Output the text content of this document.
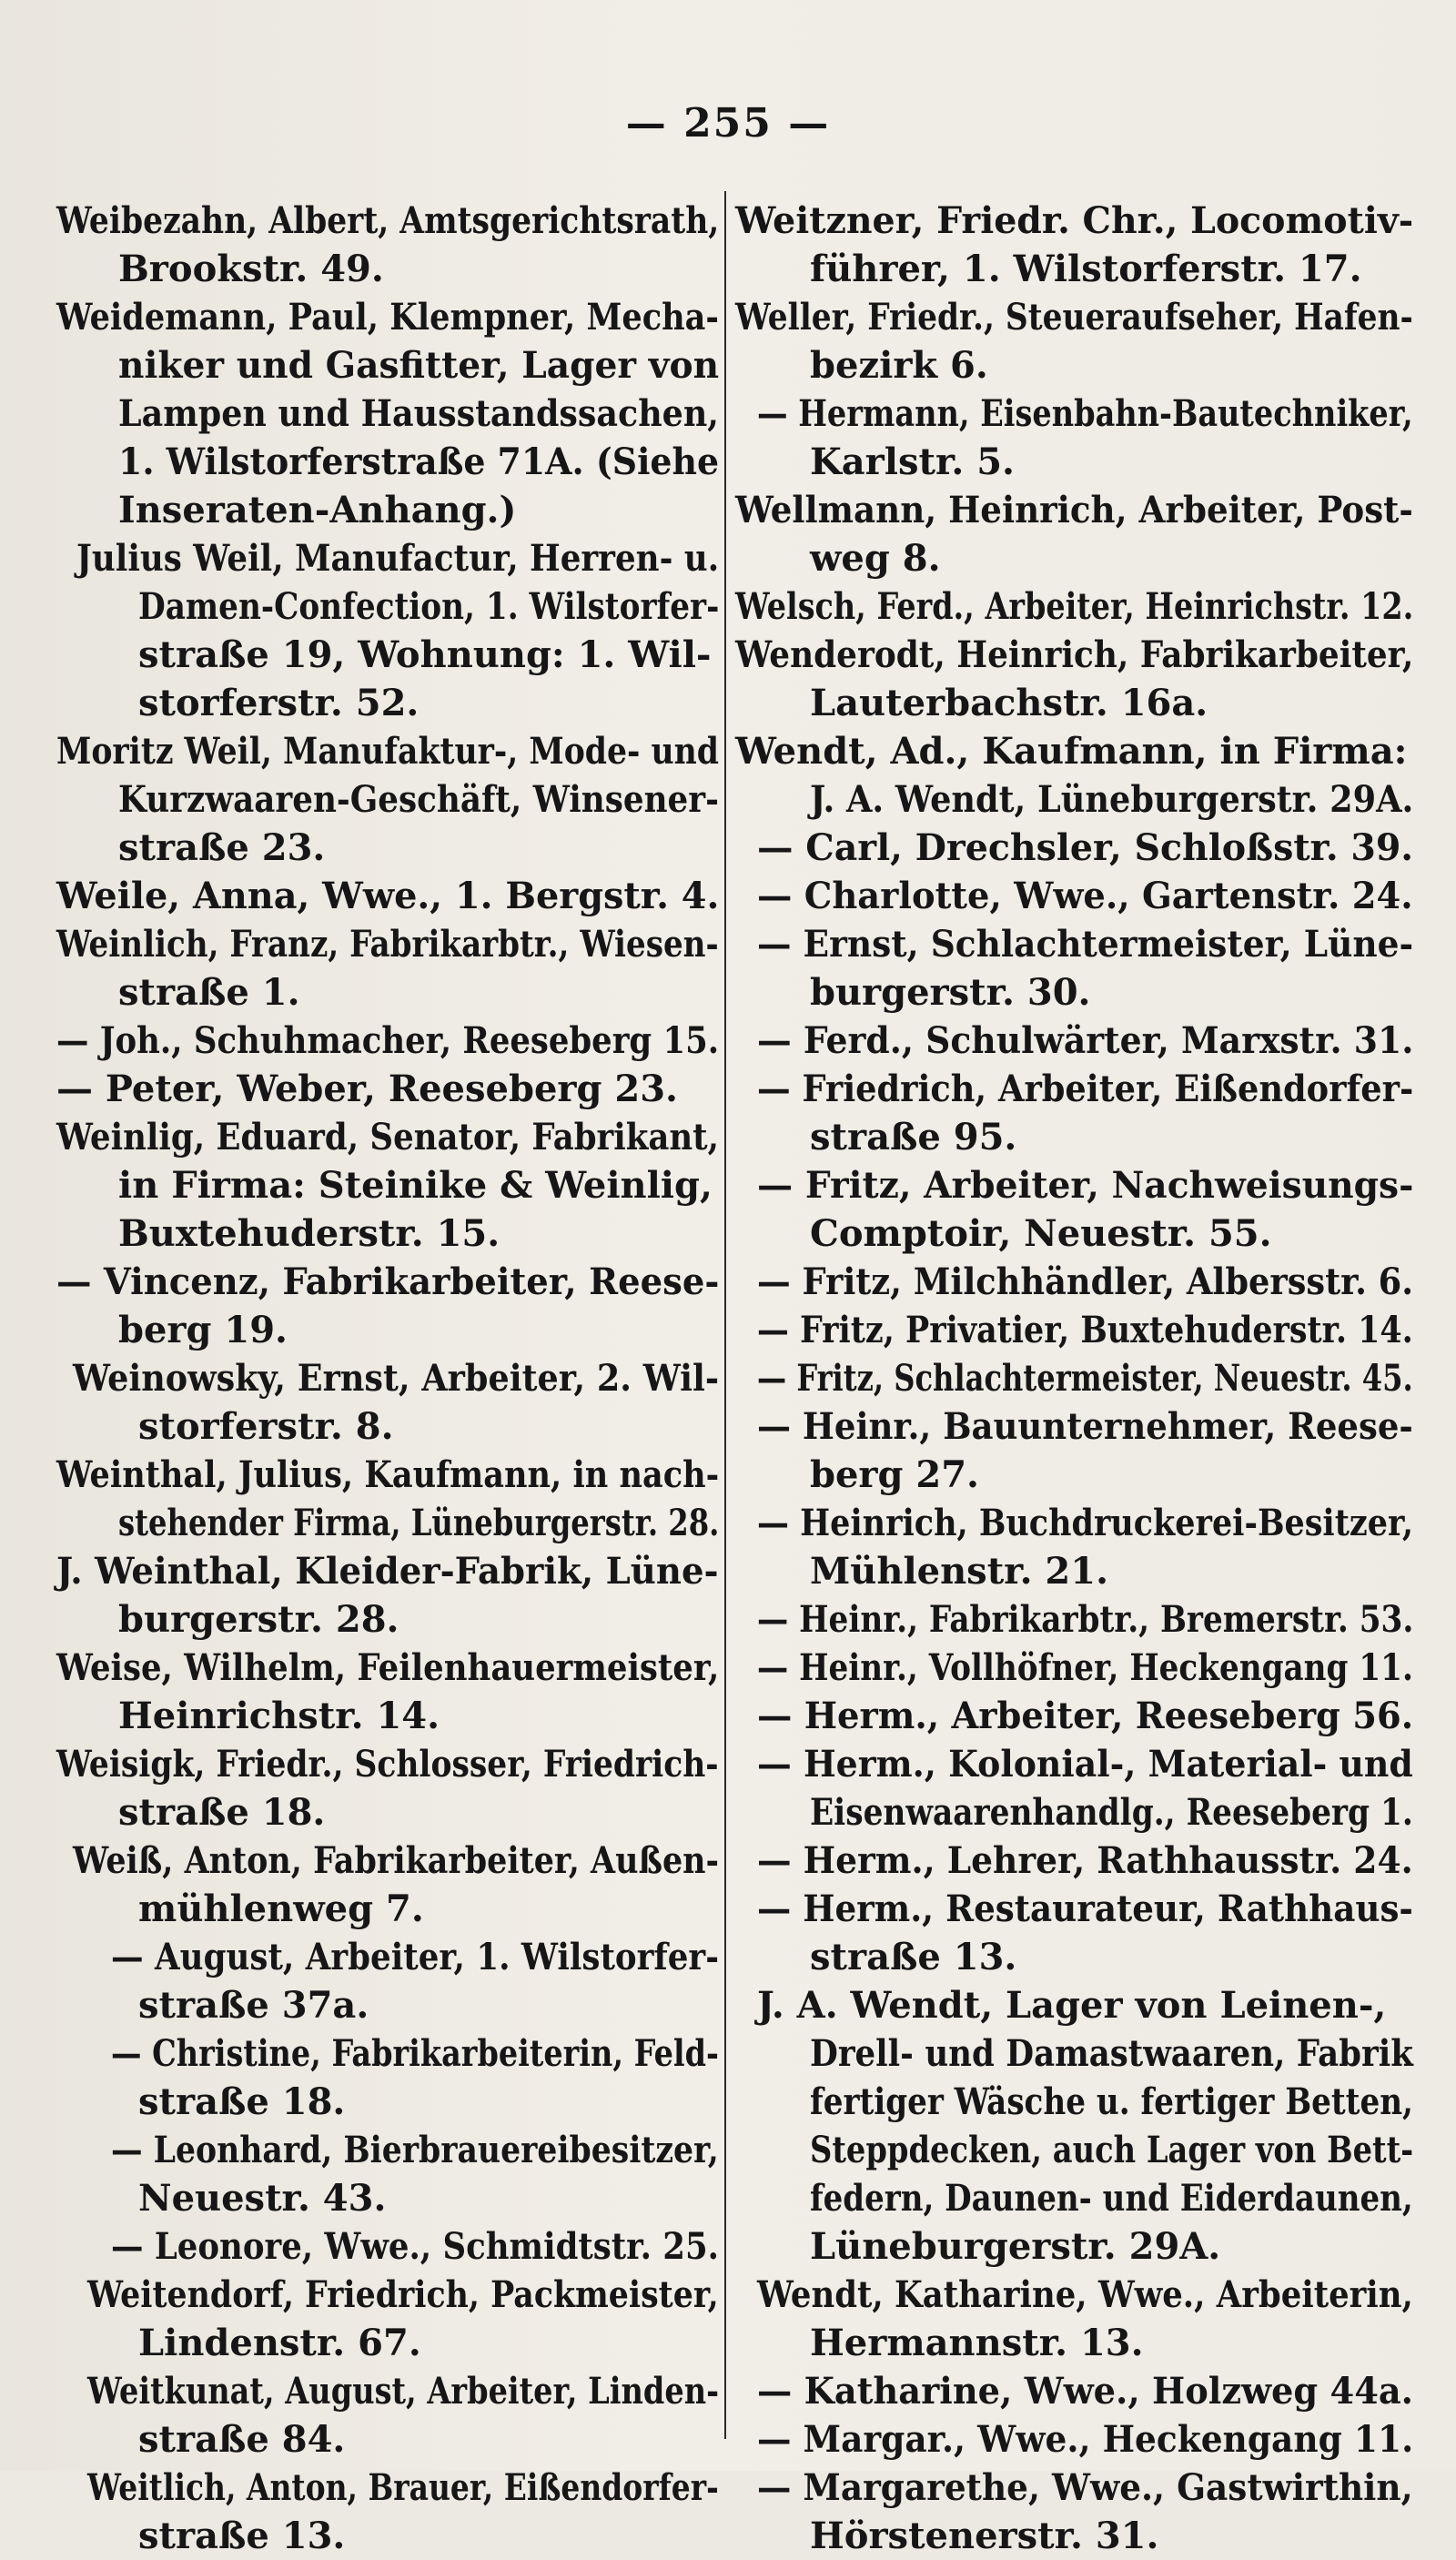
— 255 —
Weibezahn, Albert, Amtsgerichtsrath,
Brookstr. 49.
Weidemann, Paul, Klempner, Mecha-
niker und Gasfitter, Lager von
Lampen und Hausstandssachen,
1. Wilstorferstraße 71A. (Siehe
Inseraten-Anhang.)
Julius Weil, Manufactur, Herren- u.
Damen-Confection, 1. Wilstorfer-
straße 19, Wohnung: 1. Wil-
storferstr. 52.
Moritz Weil, Manufaktur-, Mode- und
Kurzwaaren-Geschäft, Winsener-
straße 23.
Weile, Anna, Wwe., 1. Bergstr. 4.
Weinlich, Franz, Fabrikarbtr., Wiesen-
straße 1.
— Joh., Schuhmacher, Reeseberg 15.
— Peter, Weber, Reeseberg 23.
Weinlig, Eduard, Senator, Fabrikant,
in Firma: Steinike & Weinlig,
Buxtehuderstr. 15.
— Vincenz, Fabrikarbeiter, Reese-
berg 19.
Weinowsky, Ernst, Arbeiter, 2. Wil-
storferstr. 8.
Weinthal, Julius, Kaufmann, in nach-
stehender Firma, Lüneburgerstr. 28.
J. Weinthal, Kleider-Fabrik, Lüne-
burgerstr. 28.
Weise, Wilhelm, Feilenhauermeister,
Heinrichstr. 14.
Weisigk, Friedr., Schlosser, Friedrich-
straße 18.
Weiß, Anton, Fabrikarbeiter, Außen-
mühlenweg 7.
— August, Arbeiter, 1. Wilstorfer-
straße 37a.
— Christine, Fabrikarbeiterin, Feld-
straße 18.
— Leonhard, Bierbrauereibesitzer,
Neuestr. 43.
— Leonore, Wwe., Schmidtstr. 25.
Weitendorf, Friedrich, Packmeister,
Lindenstr. 67.
Weitkunat, August, Arbeiter, Linden-
straße 84.
Weitlich, Anton, Brauer, Eißendorfer-
straße 13.
Weitzner, Friedr. Chr., Locomotiv-
führer, 1. Wilstorferstr. 17.
Weller, Friedr., Steueraufseher, Hafen-
bezirk 6.
— Hermann, Eisenbahn-Bautechniker,
Karlstr. 5.
Wellmann, Heinrich, Arbeiter, Post-
weg 8.
Welsch, Ferd., Arbeiter, Heinrichstr. 12.
Wenderodt, Heinrich, Fabrikarbeiter,
Lauterbachstr. 16a.
Wendt, Ad., Kaufmann, in Firma:
J. A. Wendt, Lüneburgerstr. 29A.
— Carl, Drechsler, Schloßstr. 39.
— Charlotte, Wwe., Gartenstr. 24.
— Ernst, Schlachtermeister, Lüne-
burgerstr. 30.
— Ferd., Schulwärter, Marxstr. 31.
— Friedrich, Arbeiter, Eißendorfer-
straße 95.
— Fritz, Arbeiter, Nachweisungs-
Comptoir, Neuestr. 55.
— Fritz, Milchhändler, Albersstr. 6.
— Fritz, Privatier, Buxtehuderstr. 14.
— Fritz, Schlachtermeister, Neuestr. 45.
— Heinr., Bauunternehmer, Reese-
berg 27.
— Heinrich, Buchdruckerei-Besitzer,
Mühlenstr. 21.
— Heinr., Fabrikarbtr., Bremerstr. 53.
— Heinr., Vollhöfner, Heckengang 11.
— Herm., Arbeiter, Reeseberg 56.
— Herm., Kolonial-, Material- und
Eisenwaarenhandlg., Reeseberg 1.
— Herm., Lehrer, Rathhausstr. 24.
— Herm., Restaurateur, Rathhaus-
straße 13.
J. A. Wendt, Lager von Leinen-,
Drell- und Damastwaaren, Fabrik
fertiger Wäsche u. fertiger Betten,
Steppdecken, auch Lager von Bett-
federn, Daunen- und Eiderdaunen,
Lüneburgerstr. 29A.
Wendt, Katharine, Wwe., Arbeiterin,
Hermannstr. 13.
— Katharine, Wwe., Holzweg 44a.
— Margar., Wwe., Heckengang 11.
— Margarethe, Wwe., Gastwirthin,
Hörstenerstr. 31.
